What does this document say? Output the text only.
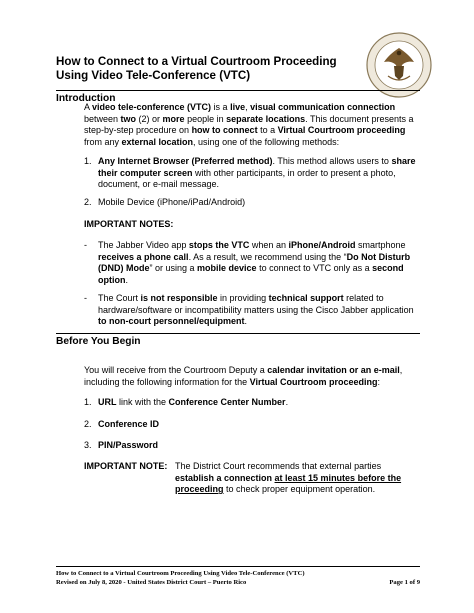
How to Connect to a Virtual Courtroom Proceeding
Using Video Tele-Conference (VTC)
Introduction
A video tele-conference (VTC) is a live, visual communication connection between two (2) or more people in separate locations. This document presents a step-by-step procedure on how to connect to a Virtual Courtroom proceeding from any external location, using one of the following methods:
1. Any Internet Browser (Preferred method). This method allows users to share their computer screen with other participants, in order to present a photo, document, or e-mail message.
2. Mobile Device (iPhone/iPad/Android)
IMPORTANT NOTES:
- The Jabber Video app stops the VTC when an iPhone/Android smartphone receives a phone call. As a result, we recommend using the “Do Not Disturb (DND) Mode” or using a mobile device to connect to VTC only as a second option.
- The Court is not responsible in providing technical support related to hardware/software or incompatibility matters using the Cisco Jabber application to non-court personnel/equipment.
Before You Begin
You will receive from the Courtroom Deputy a calendar invitation or an e-mail, including the following information for the Virtual Courtroom proceeding:
1. URL link with the Conference Center Number.
2. Conference ID
3. PIN/Password
IMPORTANT NOTE: The District Court recommends that external parties establish a connection at least 15 minutes before the proceeding to check proper equipment operation.
How to Connect to a Virtual Courtroom Proceeding Using Video Tele-Conference (VTC)
Revised on July 8, 2020 - United States District Court – Puerto Rico	Page 1 of 9
